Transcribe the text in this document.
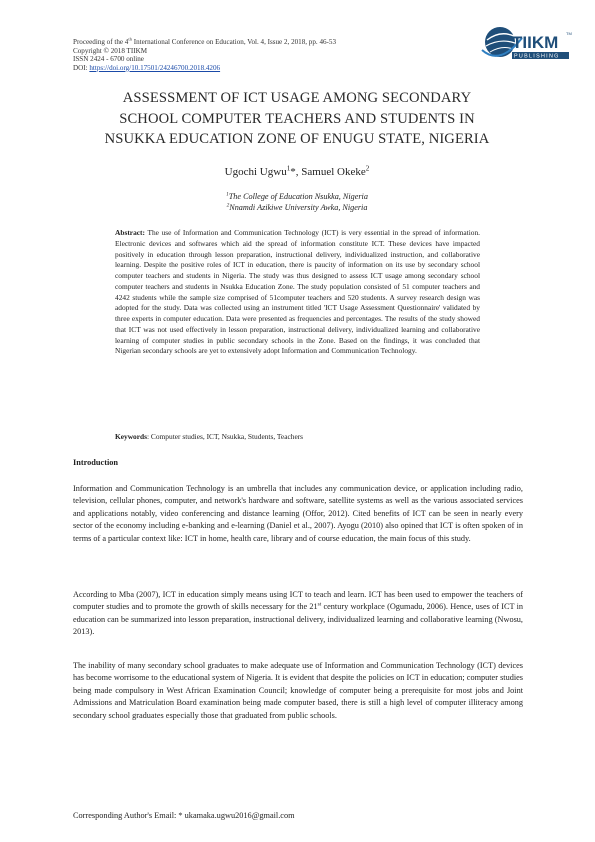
Proceeding of the 4th International Conference on Education, Vol. 4, Issue 2, 2018, pp. 46-53
Copyright © 2018 TIIKM
ISSN 2424 - 6700 online
DOI: https://doi.org/10.17501/24246700.2018.4206
TIIKM TM
PUBLISHING
ASSESSMENT OF ICT USAGE AMONG SECONDARY
SCHOOL COMPUTER TEACHERS AND STUDENTS IN
NSUKKA EDUCATION ZONE OF ENUGU STATE, NIGERIA
Ugochi Ugwu$^1$*, Samuel Okeke$^2$
$^1$The College of Education Nsukka, Nigeria
$^2$Nnamdi Azikiwe University Awka, Nigeria
Abstract: The use of Information and Communication Technology (ICT) is very essential in the spread of information. Electronic devices and softwares which aid the spread of information constitute ICT. These devices have impacted positively in education through lesson preparation, instructional delivery, individualized instruction, and collaborative learning. Despite the positive roles of ICT in education, there is paucity of information on its use by secondary school computer teachers and students in Nigeria. The study was thus designed to assess ICT usage among secondary school computer teachers and students in Nsukka Education Zone. The study population consisted of 51 computer teachers and 4242 students while the sample size comprised of 51computer teachers and 520 students. A survey research design was adopted for the study. Data was collected using an instrument titled 'ICT Usage Assessment Questionnaire' validated by three experts in computer education. Data were presented as frequencies and percentages. The results of the study showed that ICT was not used effectively in lesson preparation, instructional delivery, individualized learning and collaborative learning of computer studies in public secondary schools in the Zone. Based on the findings, it was concluded that Nigerian secondary schools are yet to extensively adopt Information and Communication Technology.
Keywords: Computer studies, ICT, Nsukka, Students, Teachers
Introduction
Information and Communication Technology is an umbrella that includes any communication device, or application including radio, television, cellular phones, computer, and network's hardware and software, satellite systems as well as the various associated services and applications notably, video conferencing and distance learning (Offor, 2012). Cited benefits of ICT can be seen in nearly every sector of the economy including e-banking and e-learning (Daniel et al., 2007). Ayogu (2010) also opined that ICT is often spoken of in terms of a particular context like: ICT in home, health care, library and of course education, the main focus of this study.
According to Mba (2007), ICT in education simply means using ICT to teach and learn. ICT has been used to empower the teachers of computer studies and to promote the growth of skills necessary for the 21st century workplace (Ogumadu, 2006). Hence, uses of ICT in education can be summarized into lesson preparation, instructional delivery, individualized learning and collaborative learning (Nwosu, 2013).
The inability of many secondary school graduates to make adequate use of Information and Communication Technology (ICT) devices has become worrisome to the educational system of Nigeria. It is evident that despite the policies on ICT in education; computer studies being made compulsory in West African Examination Council; knowledge of computer being a prerequisite for most jobs and Joint Admissions and Matriculation Board examination being made computer based, there is still a high level of computer illiteracy among secondary school graduates especially those that graduated from public schools.
Corresponding Author's Email: * ukamaka.ugwu2016@gmail.com
